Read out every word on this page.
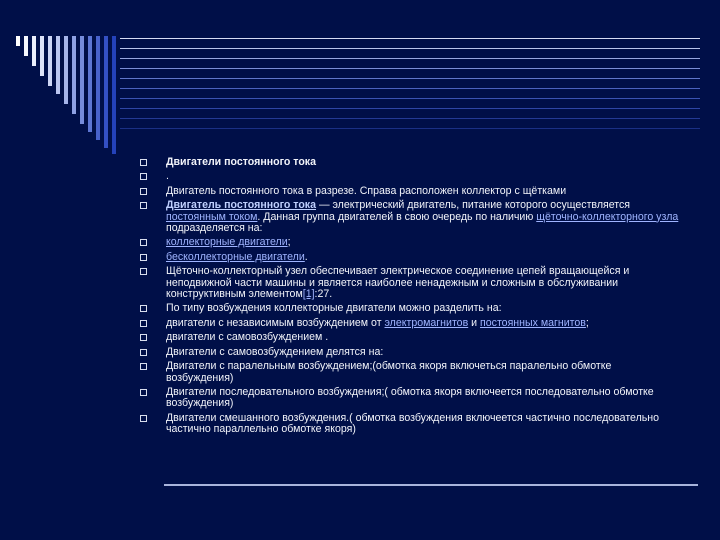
Двигатели постоянного тока
.
Двигатель постоянного тока в разрезе. Справа расположен коллектор с щётками
Двигатель постоянного тока — электрический двигатель, питание которого осуществляется постоянным током. Данная группа двигателей в свою очередь по наличию щёточно-коллекторного узла подразделяется на:
коллекторные двигатели;
бесколлекторные двигатели.
Щёточно-коллекторный узел обеспечивает электрическое соединение цепей вращающейся и неподвижной части машины и является наиболее ненадежным и сложным в обслуживании конструктивным элементом[1]:27.
По типу возбуждения коллекторные двигатели можно разделить на:
двигатели с независимым возбуждением от электромагнитов и постоянных магнитов;
двигатели с самовозбуждением .
Двигатели с самовозбуждением делятся на:
Двигатели с паралельным возбуждением;(обмотка якоря включеться паралельно обмотке возбуждения)
Двигатели последовательного возбуждения;( обмотка якоря включеется последовательно обмотке возбуждения)
Двигатели смешанного возбуждения.( обмотка возбуждения включеется частично последовательно частично параллельно обмотке якоря)
